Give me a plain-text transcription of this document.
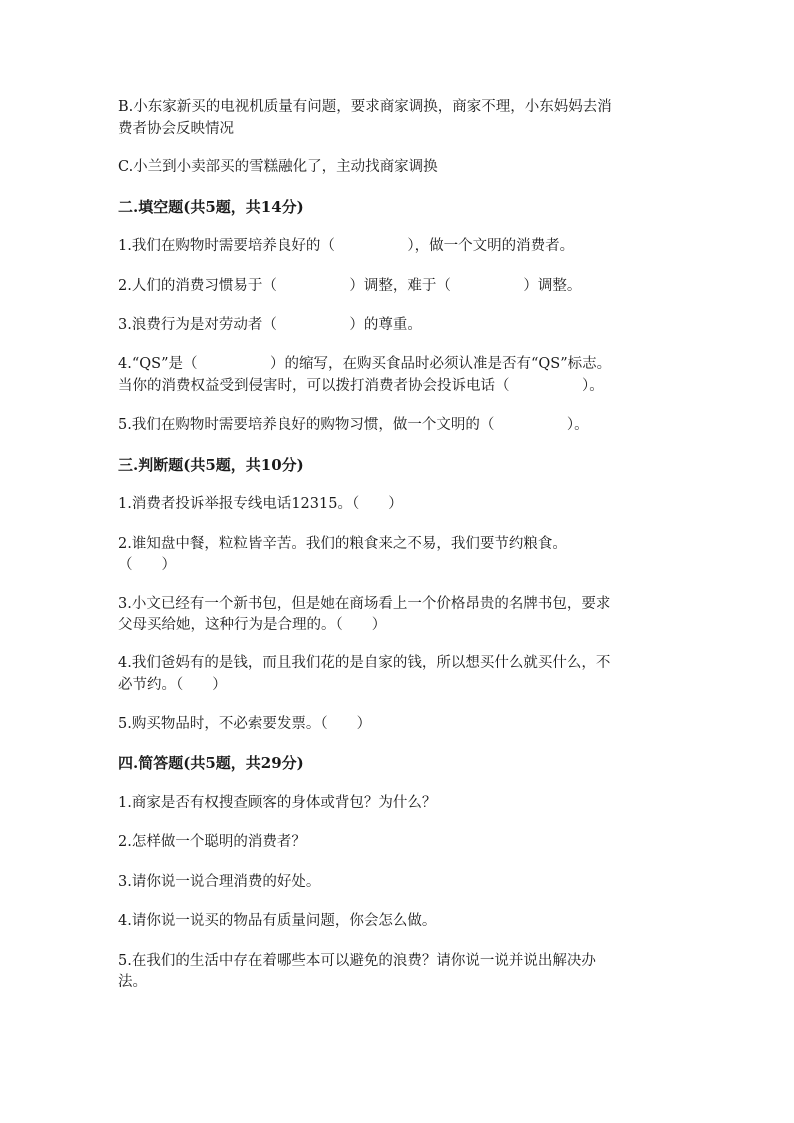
B.小东家新买的电视机质量有问题，要求商家调换，商家不理，小东妈妈去消
费者协会反映情况
C.小兰到小卖部买的雪糕融化了，主动找商家调换
二.填空题(共5题，共14分)
1.我们在购物时需要培养良好的（　　　　　），做一个文明的消费者。
2.人们的消费习惯易于（　　　　　）调整，难于（　　　　　）调整。
3.浪费行为是对劳动者（　　　　　）的尊重。
4.“QS”是（　　　　　）的缩写，在购买食品时必须认准是否有“QS”标志。
当你的消费权益受到侵害时，可以拨打消费者协会投诉电话（　　　　　）。
5.我们在购物时需要培养良好的购物习惯，做一个文明的（　　　　　）。
三.判断题(共5题，共10分)
1.消费者投诉举报专线电话12315。（　　）
2.谁知盘中餐，粒粒皆辛苦。我们的粮食来之不易，我们要节约粮食。
（　　）
3.小文已经有一个新书包，但是她在商场看上一个价格昂贵的名牌书包，要求
父母买给她，这种行为是合理的。（　　）
4.我们爸妈有的是钱，而且我们花的是自家的钱，所以想买什么就买什么，不
必节约。（　　）
5.购买物品时，不必索要发票。（　　）
四.简答题(共5题，共29分)
1.商家是否有权搜查顾客的身体或背包？为什么？
2.怎样做一个聪明的消费者？
3.请你说一说合理消费的好处。
4.请你说一说买的物品有质量问题，你会怎么做。
5.在我们的生活中存在着哪些本可以避免的浪费？请你说一说并说出解决办
法。
